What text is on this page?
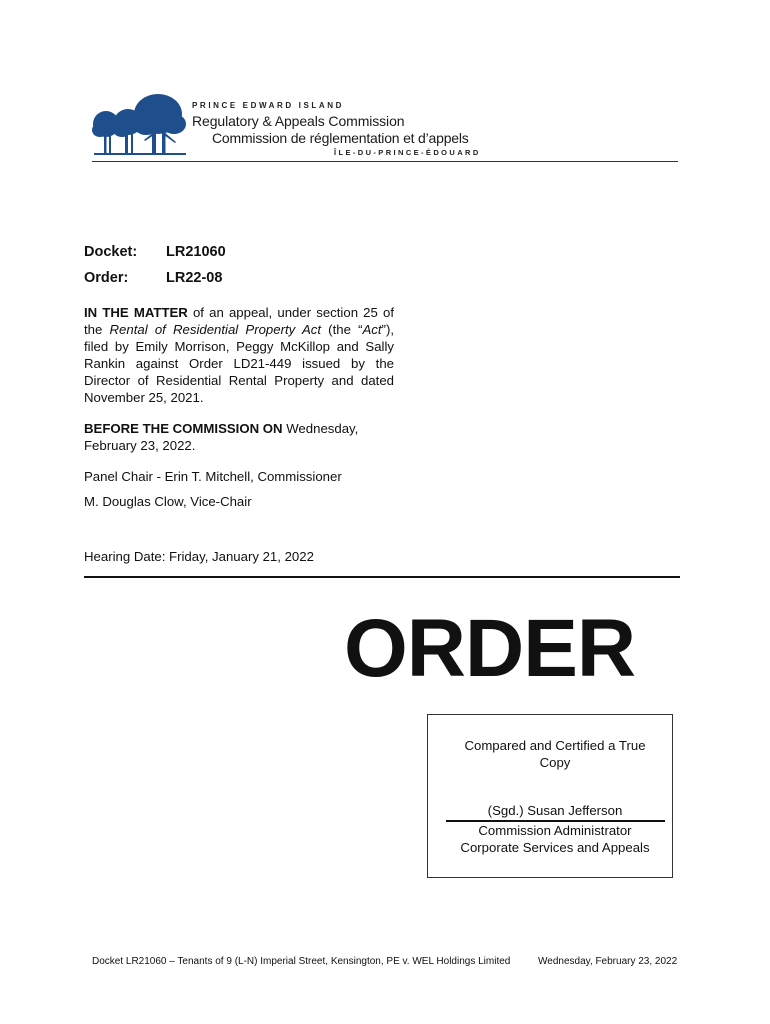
PRINCE EDWARD ISLAND
Regulatory & Appeals Commission
Commission de réglementation et d’appels
ÎLE-DU-PRINCE-ÉDOUARD
Docket: LR21060
Order:	LR22-08
IN THE MATTER of an appeal, under section 25 of the Rental of Residential Property Act (the “Act”), filed by Emily Morrison, Peggy McKillop and Sally Rankin against Order LD21-449 issued by the Director of Residential Rental Property and dated November 25, 2021.
BEFORE THE COMMISSION ON Wednesday, February 23, 2022.
Panel Chair - Erin T. Mitchell, Commissioner
M. Douglas Clow, Vice-Chair
Hearing Date: Friday, January 21, 2022
ORDER
Compared and Certified a True
Copy
(Sgd.) Susan Jefferson
Commission Administrator
Corporate Services and Appeals
Docket LR21060 – Tenants of 9 (L-N) Imperial Street, Kensington, PE v. WEL Holdings Limited	Wednesday, February 23, 2022
